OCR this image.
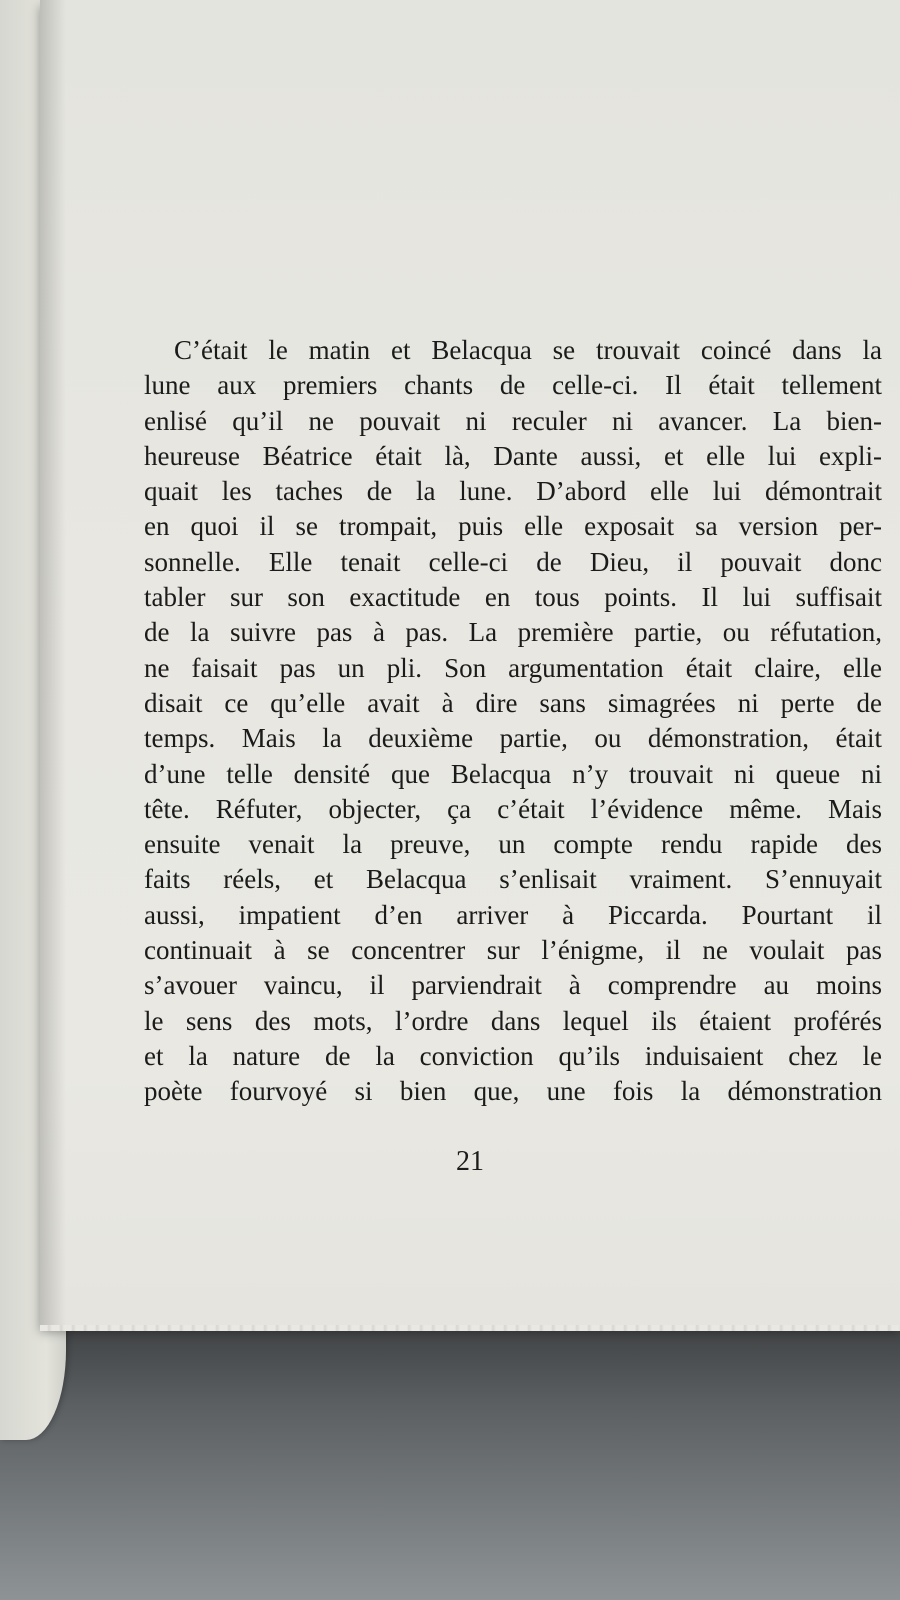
C’était le matin et Belacqua se trouvait coincé dans la
lune aux premiers chants de celle-ci. Il était tellement
enlisé qu’il ne pouvait ni reculer ni avancer. La bien-
heureuse Béatrice était là, Dante aussi, et elle lui expli-
quait les taches de la lune. D’abord elle lui démontrait
en quoi il se trompait, puis elle exposait sa version per-
sonnelle. Elle tenait celle-ci de Dieu, il pouvait donc
tabler sur son exactitude en tous points. Il lui suffisait
de la suivre pas à pas. La première partie, ou réfutation,
ne faisait pas un pli. Son argumentation était claire, elle
disait ce qu’elle avait à dire sans simagrées ni perte de
temps. Mais la deuxième partie, ou démonstration, était
d’une telle densité que Belacqua n’y trouvait ni queue ni
tête. Réfuter, objecter, ça c’était l’évidence même. Mais
ensuite venait la preuve, un compte rendu rapide des
faits réels, et Belacqua s’enlisait vraiment. S’ennuyait
aussi, impatient d’en arriver à Piccarda. Pourtant il
continuait à se concentrer sur l’énigme, il ne voulait pas
s’avouer vaincu, il parviendrait à comprendre au moins
le sens des mots, l’ordre dans lequel ils étaient proférés
et la nature de la conviction qu’ils induisaient chez le
poète fourvoyé si bien que, une fois la démonstration
21
